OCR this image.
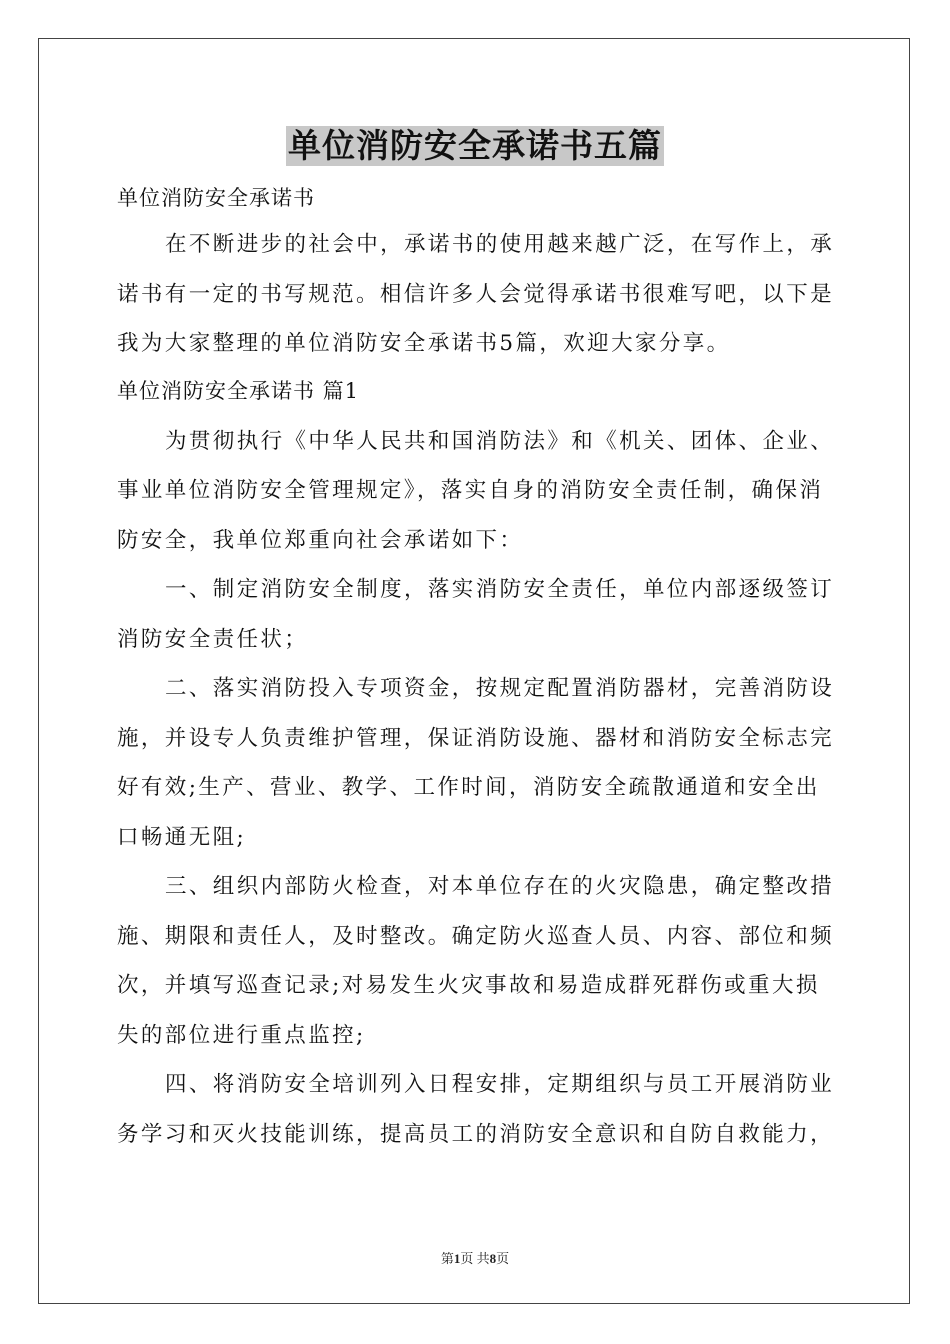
单位消防安全承诺书五篇
单位消防安全承诺书
在不断进步的社会中，承诺书的使用越来越广泛，在写作上，承
诺书有一定的书写规范。相信许多人会觉得承诺书很难写吧，以下是
我为大家整理的单位消防安全承诺书5篇，欢迎大家分享。
单位消防安全承诺书 篇1
为贯彻执行《中华人民共和国消防法》和《机关、团体、企业、
事业单位消防安全管理规定》，落实自身的消防安全责任制，确保消
防安全，我单位郑重向社会承诺如下：
一、制定消防安全制度，落实消防安全责任，单位内部逐级签订
消防安全责任状；
二、落实消防投入专项资金，按规定配置消防器材，完善消防设
施，并设专人负责维护管理，保证消防设施、器材和消防安全标志完
好有效;生产、营业、教学、工作时间，消防安全疏散通道和安全出
口畅通无阻;
三、组织内部防火检查，对本单位存在的火灾隐患，确定整改措
施、期限和责任人，及时整改。确定防火巡查人员、内容、部位和频
次，并填写巡查记录;对易发生火灾事故和易造成群死群伤或重大损
失的部位进行重点监控;
四、将消防安全培训列入日程安排，定期组织与员工开展消防业
务学习和灭火技能训练，提高员工的消防安全意识和自防自救能力，
第1页 共8页
